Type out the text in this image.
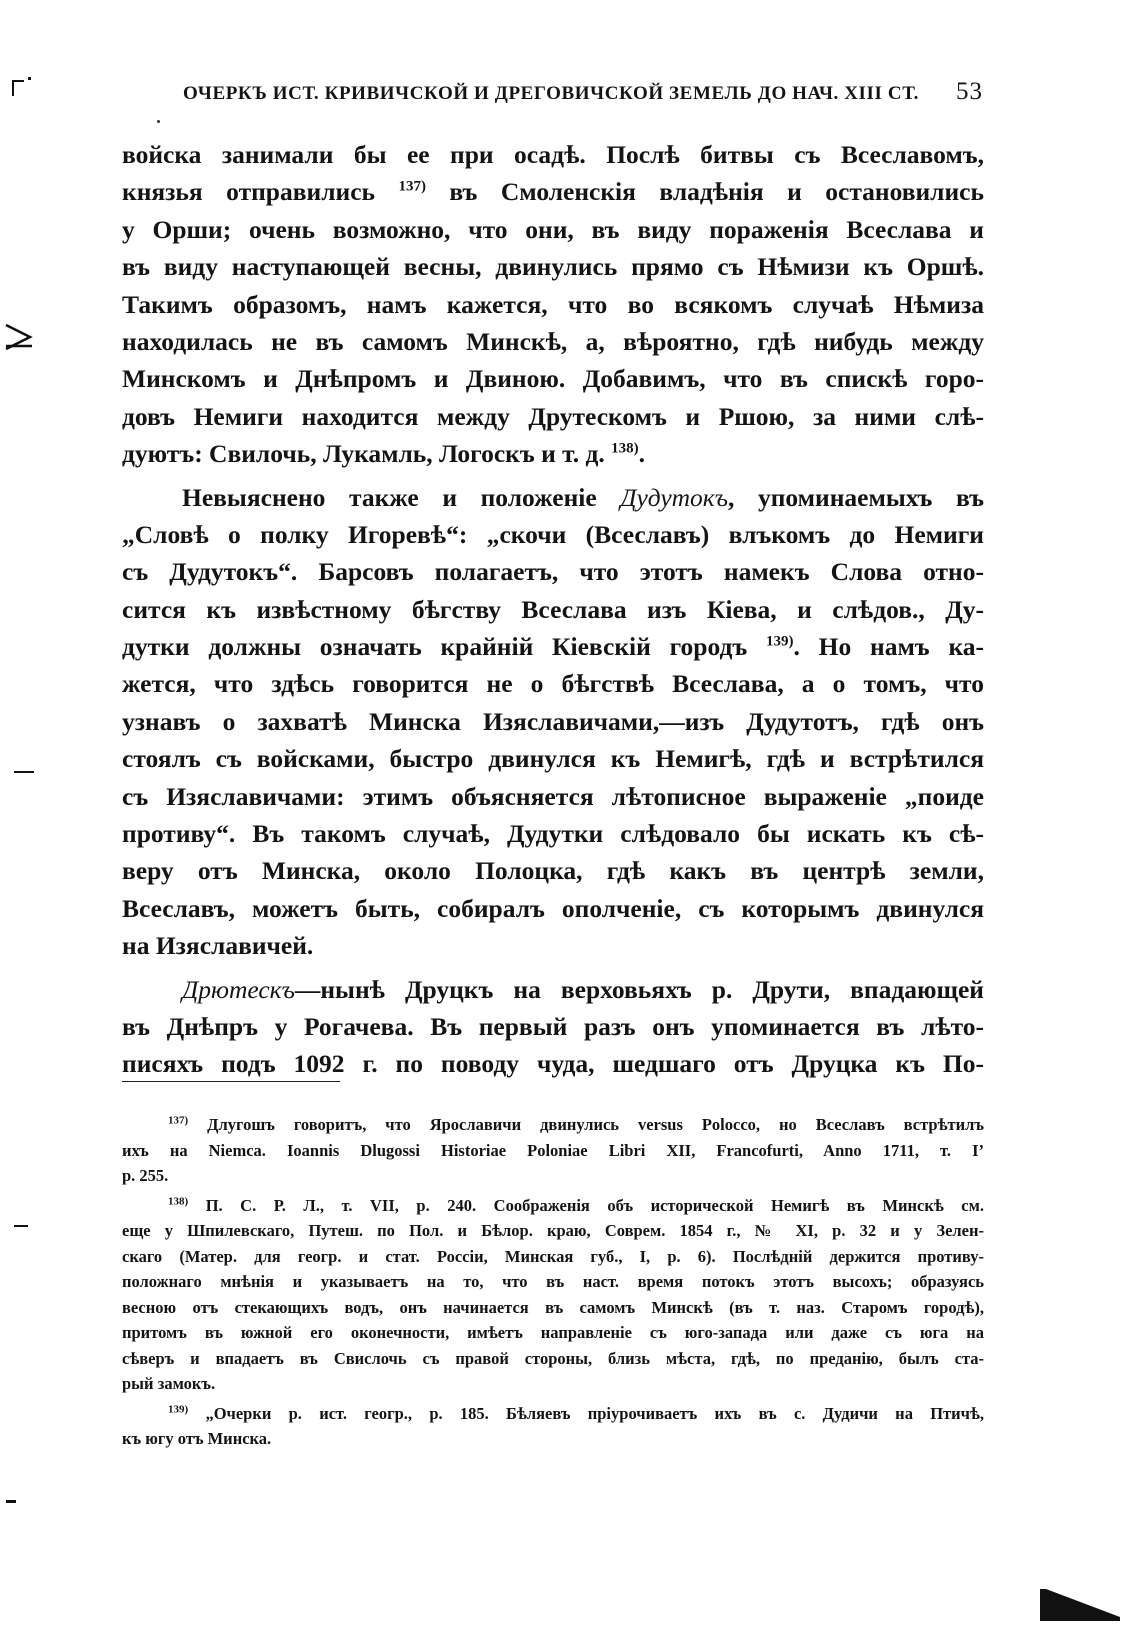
ОЧЕРКЪ ИСТ. КРИВИЧСКОЙ И ДРЕГОВИЧСКОЙ ЗЕМЕЛЬ ДО НАЧ. XIII СТ. 53
войска занимали бы ее при осадѣ. Послѣ битвы съ Всеславомъ,
князья отправились $^{137)}$ въ Смоленскія владѣнія и остановились
у Орши; очень возможно, что они, въ виду пораженія Всеслава и
въ виду наступающей весны, двинулись прямо съ Нѣмизи къ Оршѣ.
Такимъ образомъ, намъ кажется, что во всякомъ случаѣ Нѣмиза
находилась не въ самомъ Минскѣ, а, вѣроятно, гдѣ нибудь между
Минскомъ и Днѣпромъ и Двиною. Добавимъ, что въ спискѣ горо-
довъ Немиги находится между Друтескомъ и Ршою, за ними слѣ-
дуютъ: Свилочь, Лукамль, Логоскъ и т. д. $^{138)}$.
Невыяснено также и положеніе Дудутокъ, упоминаемыхъ въ
„Словѣ о полку Игоревѣ“: „скочи (Всеславъ) влъкомъ до Немиги
съ Дудутокъ“. Барсовъ полагаетъ, что этотъ намекъ Слова отно-
сится къ извѣстному бѣгству Всеслава изъ Кіева, и слѣдов., Ду-
дутки должны означать крайній Кіевскій городъ $^{139)}$. Но намъ ка-
жется, что здѣсь говорится не о бѣгствѣ Всеслава, а о томъ, что
узнавъ о захватѣ Минска Изяславичами,—изъ Дудутотъ, гдѣ онъ
стоялъ съ войсками, быстро двинулся къ Немигѣ, гдѣ и встрѣтился
съ Изяславичами: этимъ объясняется лѣтописное выраженіе „поиде
противу“. Въ такомъ случаѣ, Дудутки слѣдовало бы искать къ сѣ-
веру отъ Минска, около Полоцка, гдѣ какъ въ центрѣ земли,
Всеславъ, можетъ быть, собиралъ ополченіе, съ которымъ двинулся
на Изяславичей.
Дрютескъ—нынѣ Друцкъ на верховьяхъ р. Друти, впадающей
въ Днѣпръ у Рогачева. Въ первый разъ онъ упоминается въ лѣто-
писяхъ подъ 1092 г. по поводу чуда, шедшаго отъ Друцка къ По-
$^{137)}$ Длугошъ говоритъ, что Ярославичи двинулись versus Poloсco, но Всеславъ встрѣтилъ
ихъ на Niemca. Ioannis Dlugossi Historiae Poloniae Libri XII, Francofurti, Anno 1711, т. I’
p. 255.
$^{138)}$ П. С. Р. Л., т. VII, p. 240. Соображенія объ исторической Немигѣ въ Минскѣ см.
еще у Шпилевскаго, Путеш. по Пол. и Бѣлор. краю, Соврем. 1854 г., № XI, р. 32 и у Зелен-
скаго (Матер. для геогр. и стат. Россіи, Минская губ., I, p. 6). Послѣдній держится противу-
положнаго мнѣнія и указываетъ на то, что въ наст. время потокъ этотъ высохъ; образуясь
весною отъ стекающихъ водъ, онъ начинается въ самомъ Минскѣ (въ т. наз. Старомъ городѣ),
притомъ въ южной его оконечности, имѣетъ направленіе съ юго-запада или даже съ юга на
сѣверъ и впадаетъ въ Свислочь съ правой стороны, близь мѣста, гдѣ, по преданію, былъ ста-
рый замокъ.
$^{139)}$ „Очерки р. ист. геогр., р. 185. Бѣляевъ пріурочиваетъ ихъ въ с. Дудичи на Птичѣ,
къ югу отъ Минска.
